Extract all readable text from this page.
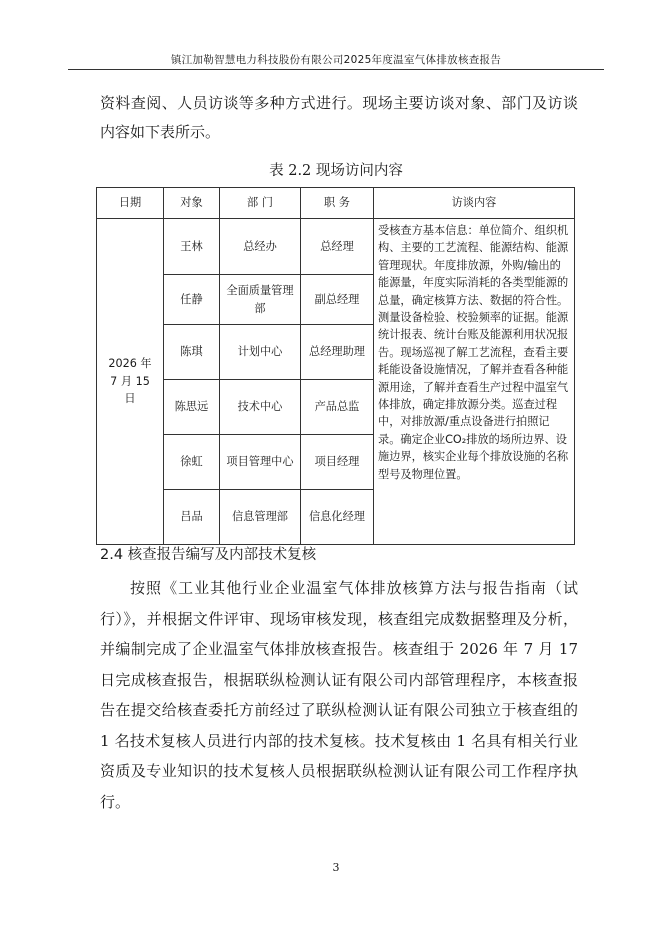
镇江加勒智慧电力科技股份有限公司2025年度温室气体排放核查报告
资料查阅、人员访谈等多种方式进行。现场主要访谈对象、部门及访谈内容如下表所示。
表 2.2 现场访问内容
日期	对象	部 门	职 务	访谈内容
2026 年 7 月 15 日	王林	总经办	总经理	受核查方基本信息：单位简介、组织机构、主要的工艺流程、能源结构、能源管理现状。年度排放源，外购/输出的能源量，年度实际消耗的各类型能源的总量，确定核算方法、数据的符合性。测量设备检验、校验频率的证据。能源统计报表、统计台账及能源利用状况报告。现场巡视了解工艺流程，查看主要耗能设备设施情况，了解并查看各种能源用途，了解并查看生产过程中温室气体排放，确定排放源分类。巡查过程中，对排放源/重点设备进行拍照记录。确定企业CO₂排放的场所边界、设施边界，核实企业每个排放设施的名称型号及物理位置。
	任静	全面质量管理部	副总经理	
	陈琪	计划中心	总经理助理	
	陈思远	技术中心	产品总监	
	徐虹	项目管理中心	项目经理	
	吕品	信息管理部	信息化经理	
2.4 核查报告编写及内部技术复核
按照《工业其他行业企业温室气体排放核算方法与报告指南（试行）》，并根据文件评审、现场审核发现，核查组完成数据整理及分析，并编制完成了企业温室气体排放核查报告。核查组于 2026 年 7 月 17 日完成核查报告，根据联纵检测认证有限公司内部管理程序，本核查报告在提交给核查委托方前经过了联纵检测认证有限公司独立于核查组的 1 名技术复核人员进行内部的技术复核。技术复核由 1 名具有相关行业资质及专业知识的技术复核人员根据联纵检测认证有限公司工作程序执行。
3
